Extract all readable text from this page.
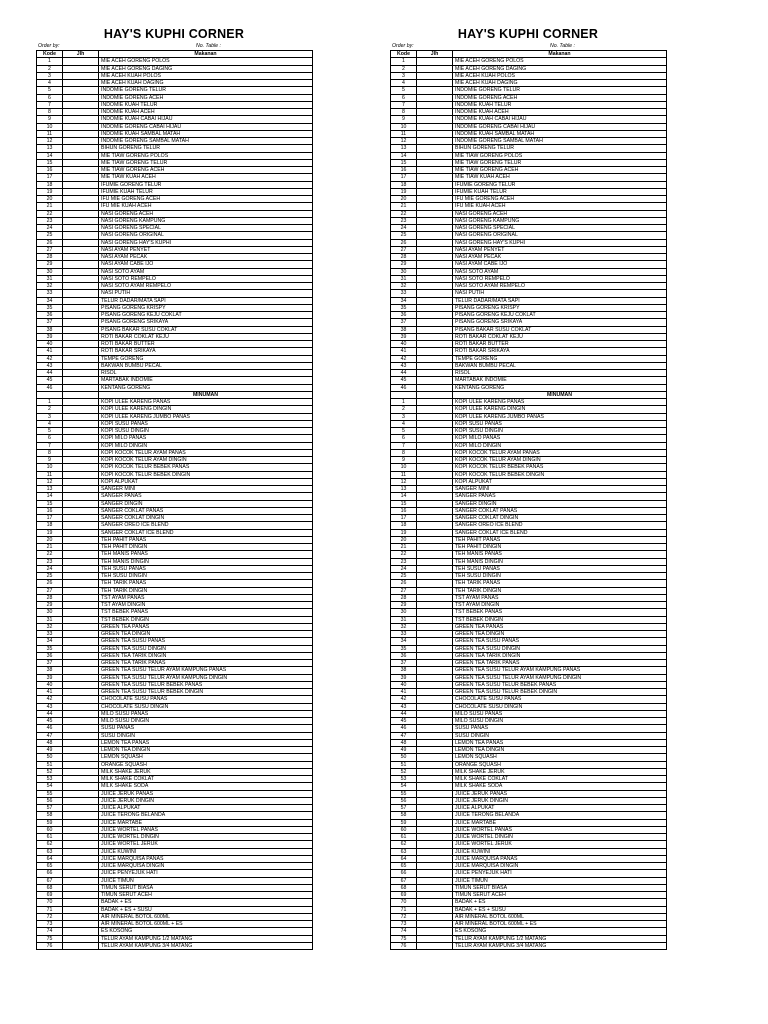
HAY'S KUPHI CORNER
Order by:	No. Table :
Kode	Jlh	Makanan
1		MIE ACEH GORENG POLOS
2		MIE ACEH GORENG DAGING
3		MIE ACEH KUAH POLOS
4		MIE ACEH KUAH DAGING
5		INDOMIE GORENG TELUR
6		INDOMIE GORENG ACEH
7		INDOMIE KUAH TELUR
8		INDOMIE KUAH ACEH
9		INDOMIE KUAH CABAI HIJAU
10		INDOMIE GORENG CABAI HIJAU
11		INDOMIE KUAH SAMBAL MATAH
12		INDOMIE GORENG SAMBAL MATAH
13		BIHUN GORENG TELUR
14		MIE TIAW GORENG POLOS
15		MIE TIAW GORENG TELUR
16		MIE TIAW GORENG ACEH
17		MIE TIAW KUAH ACEH
18		IFUMIE GORENG TELUR
19		IFUMIE KUAH TELUR
20		IFU MIE GORENG ACEH
21		IFU MIE KUAH ACEH
22		NASI GORENG ACEH
23		NASI GORENG KAMPUNG
24		NASI GORENG SPECIAL
25		NASI GORENG ORIGINAL
26		NASI GORENG HAY'S KUPHI
27		NASI AYAM PENYET
28		NASI AYAM PECAK
29		NASI AYAM CABE IJO
30		NASI SOTO AYAM
31		NASI SOTO REMPELO
32		NASI SOTO AYAM REMPELO
33		NASI PUTIH
34		TELUR DADAR/MATA SAPI
35		PISANG GORENG KRISPY
36		PISANG GORENG KEJU COKLAT
37		PISANG GORENG SRIKAYA
38		PISANG BAKAR SUSU COKLAT
39		ROTI BAKAR COKLAT KEJU
40		ROTI BAKAR BUTTER
41		ROTI BAKAR SRIKAYA
42		TEMPE GORENG
43		BAKWAN BUMBU PECAL
44		RISOL
45		MARTABAK INDOMIE
46		KENTANG GORENG
		MINUMAN
1		KOPI ULEE KARENG PANAS
2		KOPI ULEE KARENG DINGIN
3		KOPI ULEE KARENG JUMBO PANAS
4		KOPI SUSU PANAS
5		KOPI SUSU DINGIN
6		KOPI MILO PANAS
7		KOPI MILO DINGIN
8		KOPI KOCOK TELUR AYAM PANAS
9		KOPI KOCOK TELUR AYAM DINGIN
10		KOPI KOCOK TELUR BEBEK PANAS
11		KOPI KOCOK TELUR BEBEK DINGIN
12		KOPI ALPUKAT
13		SANGER MINI
14		SANGER PANAS
15		SANGER DINGIN
16		SANGER COKLAT PANAS
17		SANGER COKLAT DINGIN
18		SANGER OREO ICE BLEND
19		SANGER COKLAT ICE BLEND
20		TEH PAHIT PANAS
21		TEH PAHIT DINGIN
22		TEH MANIS PANAS
23		TEH MANIS DINGIN
24		TEH SUSU PANAS
25		TEH SUSU DINGIN
26		TEH TARIK PANAS
27		TEH TARIK DINGIN
28		TST AYAM PANAS
29		TST AYAM DINGIN
30		TST BEBEK PANAS
31		TST BEBEK DINGIN
32		GREEN TEA PANAS
33		GREEN TEA DINGIN
34		GREEN TEA SUSU PANAS
35		GREEN TEA SUSU DINGIN
36		GREEN TEA TARIK DINGIN
37		GREEN TEA TARIK PANAS
38		GREEN TEA SUSU TELUR AYAM KAMPUNG PANAS
39		GREEN TEA SUSU TELUR AYAM KAMPUNG DINGIN
40		GREEN TEA SUSU TELUR BEBEK PANAS
41		GREEN TEA SUSU TELUR BEBEK DINGIN
42		CHOCOLATE SUSU PANAS
43		CHOCOLATE SUSU DINGIN
44		MILO SUSU PANAS
45		MILO SUSU DINGIN
46		SUSU PANAS
47		SUSU DINGIN
48		LEMON TEA PANAS
49		LEMON TEA DINGIN
50		LEMON SQUASH
51		ORANGE SQUASH
52		MILK SHAKE JERUK
53		MILK SHAKE COKLAT
54		MILK SHAKE SODA
55		JUICE JERUK PANAS
56		JUICE JERUK DINGIN
57		JUICE ALPUKAT
58		JUICE TERONG BELANDA
59		JUICE MARTABE
60		JUICE WORTEL PANAS
61		JUICE WORTEL DINGIN
62		JUICE WORTEL JERUK
63		JUICE KUWINI
64		JUICE MARQUISA PANAS
65		JUICE MARQUISA DINGIN
66		JUICE PENYEJUK HATI
67		JUICE TIMUN
68		TIMUN SERUT BIASA
69		TIMUN SERUT ACEH
70		BADAK + ES
71		BADAK + ES + SUSU
72		AIR MINERAL BOTOL 600ML
73		AIR MINERAL BOTOL 600ML + ES
74		ES KOSONG
75		TELUR AYAM KAMPUNG 1/2 MATANG
76		TELUR AYAM KAMPUNG 3/4 MATANG
HAY'S KUPHI CORNER
Order by:	No. Table :
Kode	Jlh	Makanan
1		MIE ACEH GORENG POLOS
2		MIE ACEH GORENG DAGING
3		MIE ACEH KUAH POLOS
4		MIE ACEH KUAH DAGING
5		INDOMIE GORENG TELUR
6		INDOMIE GORENG ACEH
7		INDOMIE KUAH TELUR
8		INDOMIE KUAH ACEH
9		INDOMIE KUAH CABAI HIJAU
10		INDOMIE GORENG CABAI HIJAU
11		INDOMIE KUAH SAMBAL MATAH
12		INDOMIE GORENG SAMBAL MATAH
13		BIHUN GORENG TELUR
14		MIE TIAW GORENG POLOS
15		MIE TIAW GORENG TELUR
16		MIE TIAW GORENG ACEH
17		MIE TIAW KUAH ACEH
18		IFUMIE GORENG TELUR
19		IFUMIE KUAH TELUR
20		IFU MIE GORENG ACEH
21		IFU MIE KUAH ACEH
22		NASI GORENG ACEH
23		NASI GORENG KAMPUNG
24		NASI GORENG SPECIAL
25		NASI GORENG ORIGINAL
26		NASI GORENG HAY'S KUPHI
27		NASI AYAM PENYET
28		NASI AYAM PECAK
29		NASI AYAM CABE IJO
30		NASI SOTO AYAM
31		NASI SOTO REMPELO
32		NASI SOTO AYAM REMPELO
33		NASI PUTIH
34		TELUR DADAR/MATA SAPI
35		PISANG GORENG KRISPY
36		PISANG GORENG KEJU COKLAT
37		PISANG GORENG SRIKAYA
38		PISANG BAKAR SUSU COKLAT
39		ROTI BAKAR COKLAT KEJU
40		ROTI BAKAR BUTTER
41		ROTI BAKAR SRIKAYA
42		TEMPE GORENG
43		BAKWAN BUMBU PECAL
44		RISOL
45		MARTABAK INDOMIE
46		KENTANG GORENG
		MINUMAN
1		KOPI ULEE KARENG PANAS
2		KOPI ULEE KARENG DINGIN
3		KOPI ULEE KARENG JUMBO PANAS
4		KOPI SUSU PANAS
5		KOPI SUSU DINGIN
6		KOPI MILO PANAS
7		KOPI MILO DINGIN
8		KOPI KOCOK TELUR AYAM PANAS
9		KOPI KOCOK TELUR AYAM DINGIN
10		KOPI KOCOK TELUR BEBEK PANAS
11		KOPI KOCOK TELUR BEBEK DINGIN
12		KOPI ALPUKAT
13		SANGER MINI
14		SANGER PANAS
15		SANGER DINGIN
16		SANGER COKLAT PANAS
17		SANGER COKLAT DINGIN
18		SANGER OREO ICE BLEND
19		SANGER COKLAT ICE BLEND
20		TEH PAHIT PANAS
21		TEH PAHIT DINGIN
22		TEH MANIS PANAS
23		TEH MANIS DINGIN
24		TEH SUSU PANAS
25		TEH SUSU DINGIN
26		TEH TARIK PANAS
27		TEH TARIK DINGIN
28		TST AYAM PANAS
29		TST AYAM DINGIN
30		TST BEBEK PANAS
31		TST BEBEK DINGIN
32		GREEN TEA PANAS
33		GREEN TEA DINGIN
34		GREEN TEA SUSU PANAS
35		GREEN TEA SUSU DINGIN
36		GREEN TEA TARIK DINGIN
37		GREEN TEA TARIK PANAS
38		GREEN TEA SUSU TELUR AYAM KAMPUNG PANAS
39		GREEN TEA SUSU TELUR AYAM KAMPUNG DINGIN
40		GREEN TEA SUSU TELUR BEBEK PANAS
41		GREEN TEA SUSU TELUR BEBEK DINGIN
42		CHOCOLATE SUSU PANAS
43		CHOCOLATE SUSU DINGIN
44		MILO SUSU PANAS
45		MILO SUSU DINGIN
46		SUSU PANAS
47		SUSU DINGIN
48		LEMON TEA PANAS
49		LEMON TEA DINGIN
50		LEMON SQUASH
51		ORANGE SQUASH
52		MILK SHAKE JERUK
53		MILK SHAKE COKLAT
54		MILK SHAKE SODA
55		JUICE JERUK PANAS
56		JUICE JERUK DINGIN
57		JUICE ALPUKAT
58		JUICE TERONG BELANDA
59		JUICE MARTABE
60		JUICE WORTEL PANAS
61		JUICE WORTEL DINGIN
62		JUICE WORTEL JERUK
63		JUICE KUWINI
64		JUICE MARQUISA PANAS
65		JUICE MARQUISA DINGIN
66		JUICE PENYEJUK HATI
67		JUICE TIMUN
68		TIMUN SERUT BIASA
69		TIMUN SERUT ACEH
70		BADAK + ES
71		BADAK + ES + SUSU
72		AIR MINERAL BOTOL 600ML
73		AIR MINERAL BOTOL 600ML + ES
74		ES KOSONG
75		TELUR AYAM KAMPUNG 1/2 MATANG
76		TELUR AYAM KAMPUNG 3/4 MATANG
